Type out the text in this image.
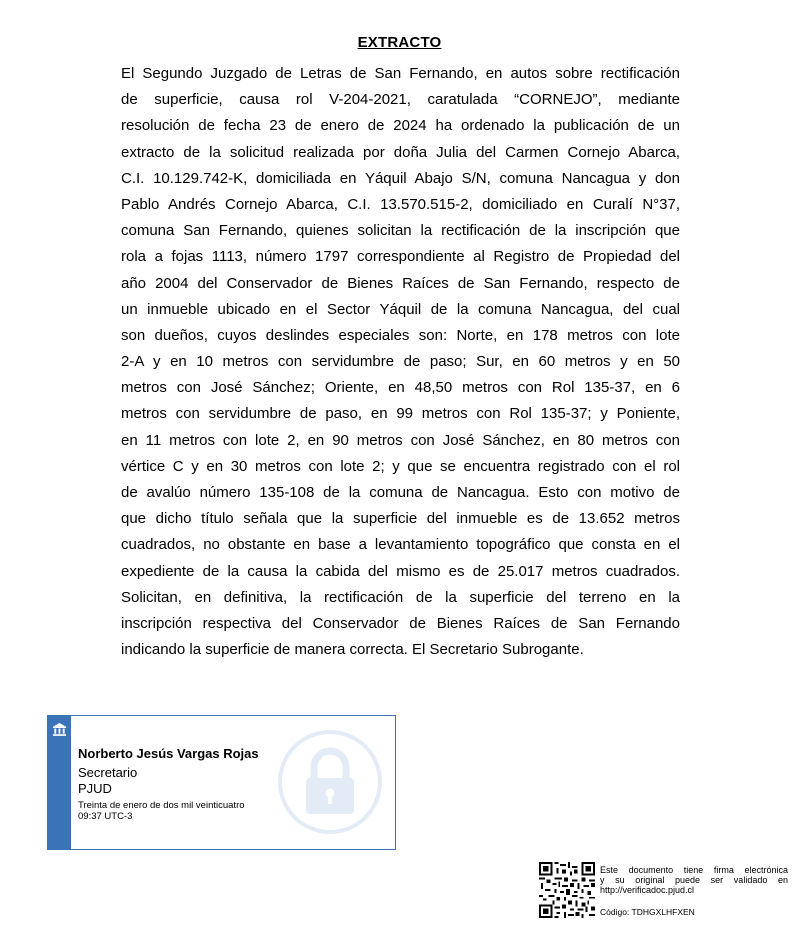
EXTRACTO
El Segundo Juzgado de Letras de San Fernando, en autos sobre rectificación
de superficie, causa rol V-204-2021, caratulada “CORNEJO”, mediante
resolución de fecha 23 de enero de 2024 ha ordenado la publicación de un
extracto de la solicitud realizada por doña Julia del Carmen Cornejo Abarca,
C.I. 10.129.742-K, domiciliada en Yáquil Abajo S/N, comuna Nancagua y don
Pablo Andrés Cornejo Abarca, C.I. 13.570.515-2, domiciliado en Curalí N°37,
comuna San Fernando, quienes solicitan la rectificación de la inscripción que
rola a fojas 1113, número 1797 correspondiente al Registro de Propiedad del
año 2004 del Conservador de Bienes Raíces de San Fernando, respecto de
un inmueble ubicado en el Sector Yáquil de la comuna Nancagua, del cual
son dueños, cuyos deslindes especiales son: Norte, en 178 metros con lote
2-A y en 10 metros con servidumbre de paso; Sur, en 60 metros y en 50
metros con José Sánchez; Oriente, en 48,50 metros con Rol 135-37, en 6
metros con servidumbre de paso, en 99 metros con Rol 135-37; y Poniente,
en 11 metros con lote 2, en 90 metros con José Sánchez, en 80 metros con
vértice C y en 30 metros con lote 2; y que se encuentra registrado con el rol
de avalúo número 135-108 de la comuna de Nancagua. Esto con motivo de
que dicho título señala que la superficie del inmueble es de 13.652 metros
cuadrados, no obstante en base a levantamiento topográfico que consta en el
expediente de la causa la cabida del mismo es de 25.017 metros cuadrados.
Solicitan, en definitiva, la rectificación de la superficie del terreno en la
inscripción respectiva del Conservador de Bienes Raíces de San Fernando
indicando la superficie de manera correcta. El Secretario Subrogante.
Norberto Jesús Vargas Rojas
Secretario
PJUD
Treinta de enero de dos mil veinticuatro
09:37 UTC-3
Este documento tiene firma electrónica
y su original puede ser validado en
http://verificadoc.pjud.cl
Código: TDHGXLHFXEN
